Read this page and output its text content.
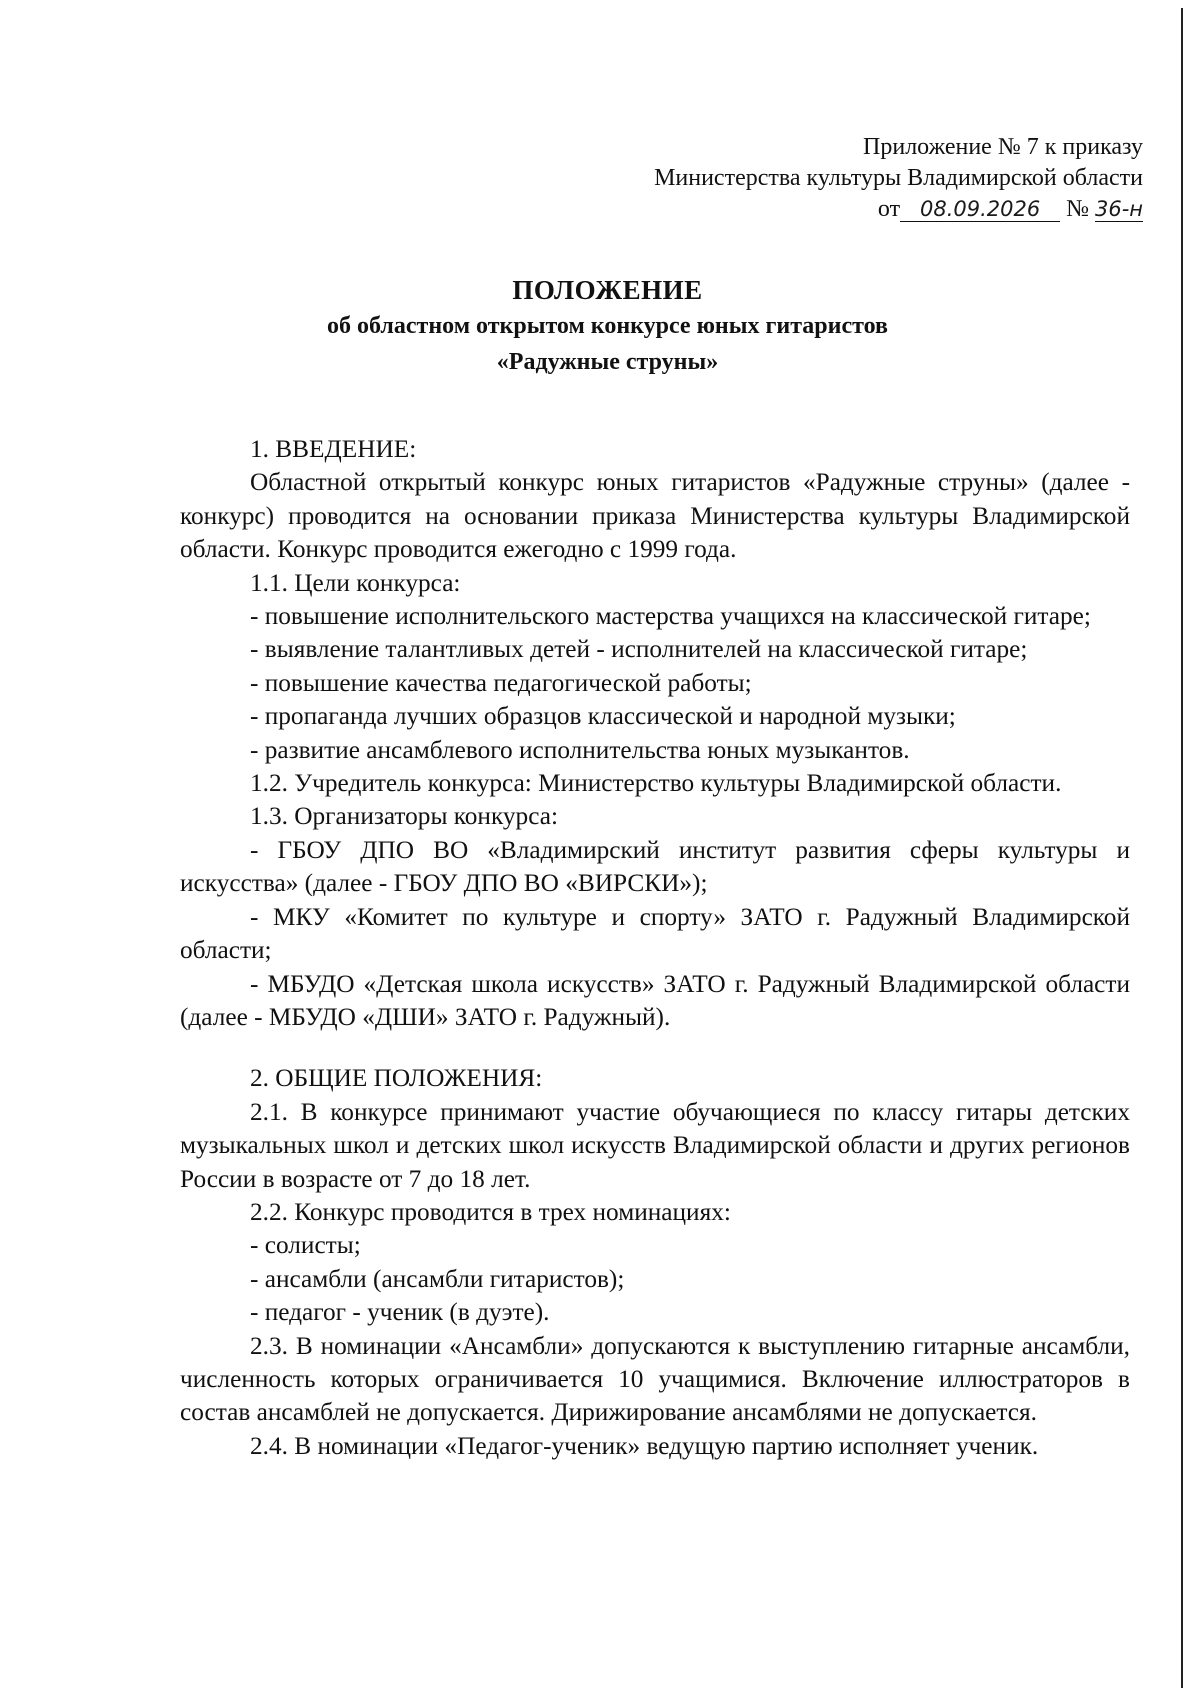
Приложение № 7 к приказу
Министерства культуры Владимирской области
от 08.09.2026 № 36-н
ПОЛОЖЕНИЕ
об областном открытом конкурсе юных гитаристов
«Радужные струны»

1. ВВЕДЕНИЕ:

Областной открытый конкурс юных гитаристов «Радужные струны» (далее - конкурс) проводится на основании приказа Министерства культуры Владимирской области. Конкурс проводится ежегодно с 1999 года.

1.1. Цели конкурса:

- повышение исполнительского мастерства учащихся на классической гитаре;

- выявление талантливых детей - исполнителей на классической гитаре;

- повышение качества педагогической работы;

- пропаганда лучших образцов классической и народной музыки;

- развитие ансамблевого исполнительства юных музыкантов.

1.2. Учредитель конкурса: Министерство культуры Владимирской области.

1.3. Организаторы конкурса:

- ГБОУ ДПО ВО «Владимирский институт развития сферы культуры и искусства» (далее - ГБОУ ДПО ВО «ВИРСКИ»);

- МКУ «Комитет по культуре и спорту» ЗАТО г. Радужный Владимирской области;

- МБУДО «Детская школа искусств» ЗАТО г. Радужный Владимирской области (далее - МБУДО «ДШИ» ЗАТО г. Радужный).

2. ОБЩИЕ ПОЛОЖЕНИЯ:

2.1. В конкурсе принимают участие обучающиеся по классу гитары детских музыкальных школ и детских школ искусств Владимирской области и других регионов России в возрасте от 7 до 18 лет.

2.2. Конкурс проводится в трех номинациях:

- солисты;

- ансамбли (ансамбли гитаристов);

- педагог - ученик (в дуэте).

2.3. В номинации «Ансамбли» допускаются к выступлению гитарные ансамбли, численность которых ограничивается 10 учащимися. Включение иллюстраторов в состав ансамблей не допускается. Дирижирование ансамблями не допускается.

2.4. В номинации «Педагог-ученик» ведущую партию исполняет ученик.
